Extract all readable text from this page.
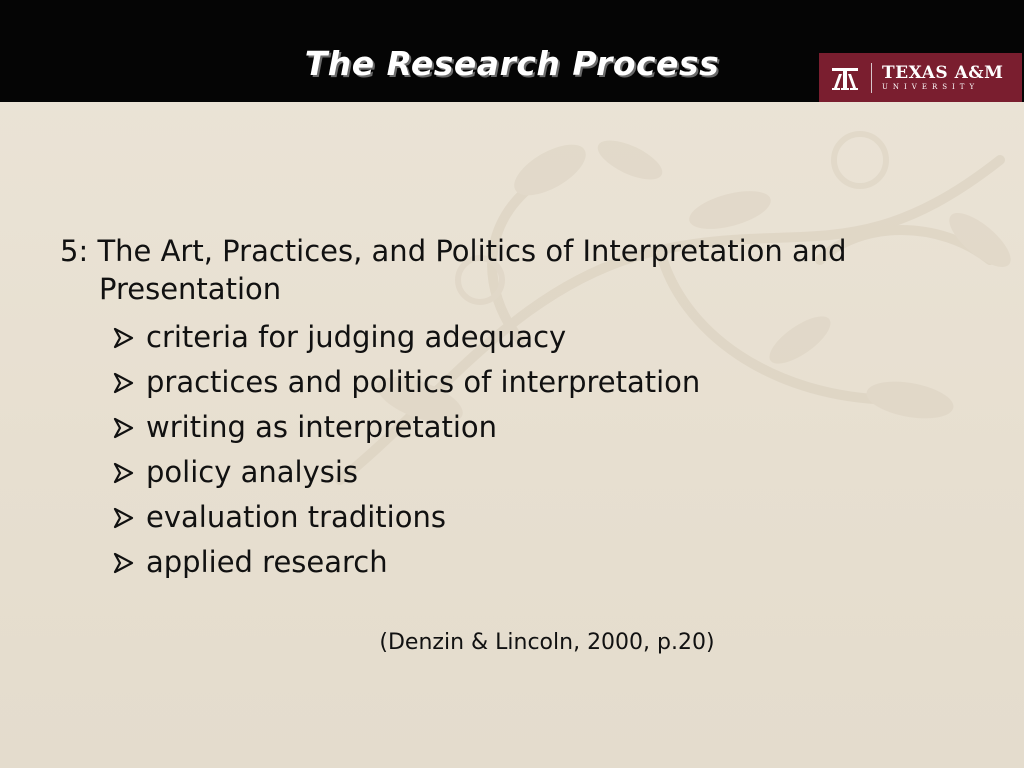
The Research Process	TEXAS A&M
UNIVERSITY

5: The Art, Practices, and Politics of Interpretation and Presentation

criteria for judging adequacy
practices and politics of interpretation
writing as interpretation
policy analysis
evaluation traditions
applied research

(Denzin & Lincoln, 2000, p.20)
